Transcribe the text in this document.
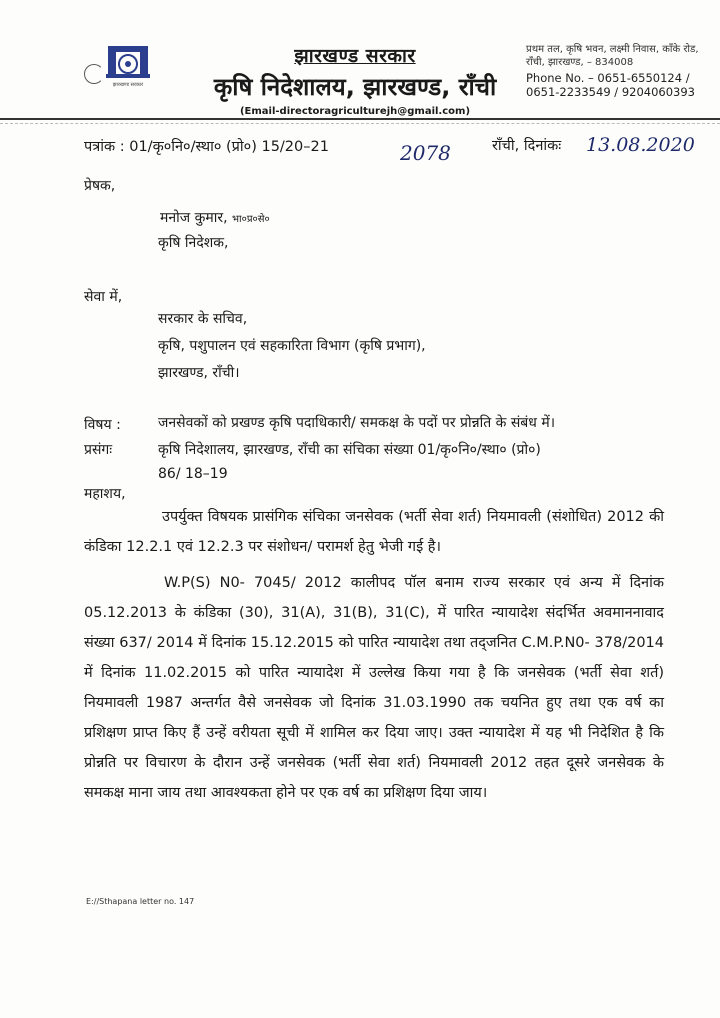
झारखण्ड सरकार
झारखण्ड सरकार
कृषि निदेशालय, झारखण्ड, राँची
(Email-directoragriculturejh@gmail.com)
प्रथम तल, कृषि भवन, लक्ष्मी निवास, काँके रोड, राँची, झारखण्ड, – 834008
Phone No. – 0651-6550124 / 0651-2233549 / 9204060393
पत्रांक : 01/कृ०नि०/स्था० (प्रो०) 15/20–21	2078	राँची, दिनांकः 13.08.2020
प्रेषक,
मनोज कुमार, भा०प्र०से०
कृषि निदेशक,
सेवा में,
सरकार के सचिव,
कृषि, पशुपालन एवं सहकारिता विभाग (कृषि प्रभाग),
झारखण्ड, राँची।
विषय :	जनसेवकों को प्रखण्ड कृषि पदाधिकारी/ समकक्ष के पदों पर प्रोन्नति के संबंध में।
प्रसंगः	कृषि निदेशालय, झारखण्ड, राँची का संचिका संख्या 01/कृ०नि०/स्था० (प्रो०)
86/ 18–19
महाशय,
उपर्युक्त विषयक प्रासंगिक संचिका जनसेवक (भर्ती सेवा शर्त) नियमावली (संशोधित) 2012 की कंडिका 12.2.1 एवं 12.2.3 पर संशोधन/ परामर्श हेतु भेजी गई है।
W.P(S) N0- 7045/ 2012 कालीपद पॉल बनाम राज्य सरकार एवं अन्य में दिनांक 05.12.2013 के कंडिका (30), 31(A), 31(B), 31(C), में पारित न्यायादेश संदर्भित अवमाननावाद संख्या 637/ 2014 में दिनांक 15.12.2015 को पारित न्यायादेश तथा तद्जनित C.M.P.N0- 378/2014 में दिनांक 11.02.2015 को पारित न्यायादेश में उल्लेख किया गया है कि जनसेवक (भर्ती सेवा शर्त) नियमावली 1987 अन्तर्गत वैसे जनसेवक जो दिनांक 31.03.1990 तक चयनित हुए तथा एक वर्ष का प्रशिक्षण प्राप्त किए हैं उन्हें वरीयता सूची में शामिल कर दिया जाए। उक्त न्यायादेश में यह भी निदेशित है कि प्रोन्नति पर विचारण के दौरान उन्हें जनसेवक (भर्ती सेवा शर्त) नियमावली 2012 तहत दूसरे जनसेवक के समकक्ष माना जाय तथा आवश्यकता होने पर एक वर्ष का प्रशिक्षण दिया जाय।
E://Sthapana letter no. 147
